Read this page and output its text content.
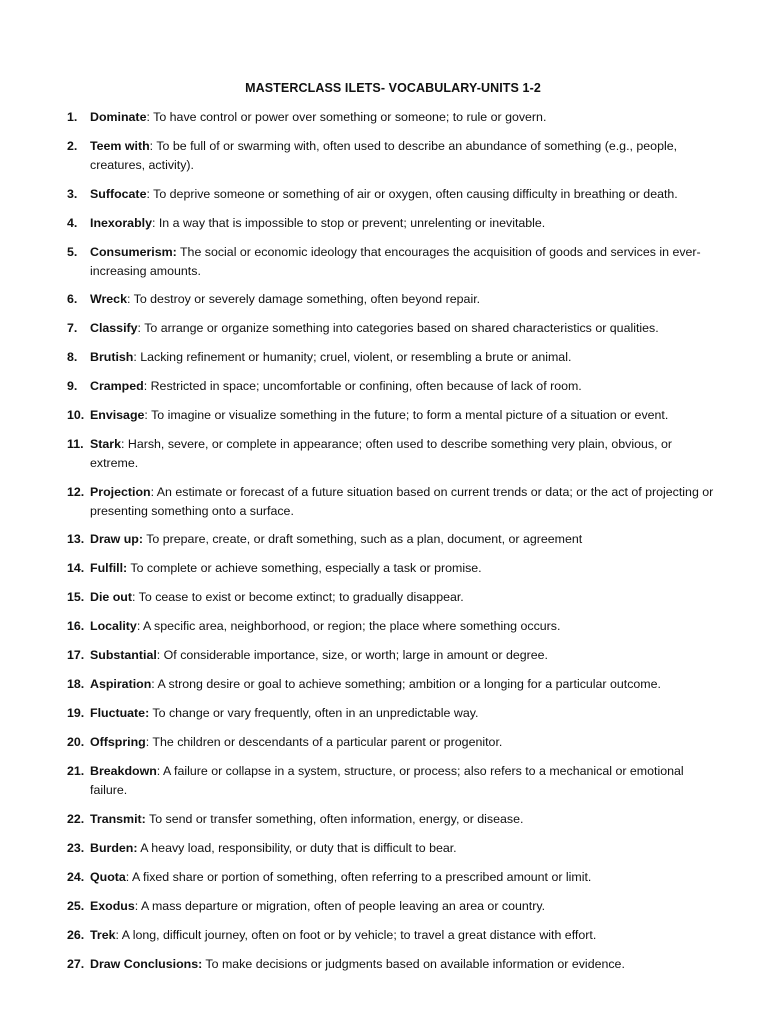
MASTERCLASS ILETS- VOCABULARY-UNITS 1-2
1. Dominate: To have control or power over something or someone; to rule or govern.
2. Teem with: To be full of or swarming with, often used to describe an abundance of something (e.g., people, creatures, activity).
3. Suffocate: To deprive someone or something of air or oxygen, often causing difficulty in breathing or death.
4. Inexorably: In a way that is impossible to stop or prevent; unrelenting or inevitable.
5. Consumerism: The social or economic ideology that encourages the acquisition of goods and services in ever-increasing amounts.
6. Wreck: To destroy or severely damage something, often beyond repair.
7. Classify: To arrange or organize something into categories based on shared characteristics or qualities.
8. Brutish: Lacking refinement or humanity; cruel, violent, or resembling a brute or animal.
9. Cramped: Restricted in space; uncomfortable or confining, often because of lack of room.
10. Envisage: To imagine or visualize something in the future; to form a mental picture of a situation or event.
11. Stark: Harsh, severe, or complete in appearance; often used to describe something very plain, obvious, or extreme.
12. Projection: An estimate or forecast of a future situation based on current trends or data; or the act of projecting or presenting something onto a surface.
13. Draw up: To prepare, create, or draft something, such as a plan, document, or agreement
14. Fulfill: To complete or achieve something, especially a task or promise.
15. Die out: To cease to exist or become extinct; to gradually disappear.
16. Locality: A specific area, neighborhood, or region; the place where something occurs.
17. Substantial: Of considerable importance, size, or worth; large in amount or degree.
18. Aspiration: A strong desire or goal to achieve something; ambition or a longing for a particular outcome.
19. Fluctuate: To change or vary frequently, often in an unpredictable way.
20. Offspring: The children or descendants of a particular parent or progenitor.
21. Breakdown: A failure or collapse in a system, structure, or process; also refers to a mechanical or emotional failure.
22. Transmit: To send or transfer something, often information, energy, or disease.
23. Burden: A heavy load, responsibility, or duty that is difficult to bear.
24. Quota: A fixed share or portion of something, often referring to a prescribed amount or limit.
25. Exodus: A mass departure or migration, often of people leaving an area or country.
26. Trek: A long, difficult journey, often on foot or by vehicle; to travel a great distance with effort.
27. Draw Conclusions: To make decisions or judgments based on available information or evidence.
